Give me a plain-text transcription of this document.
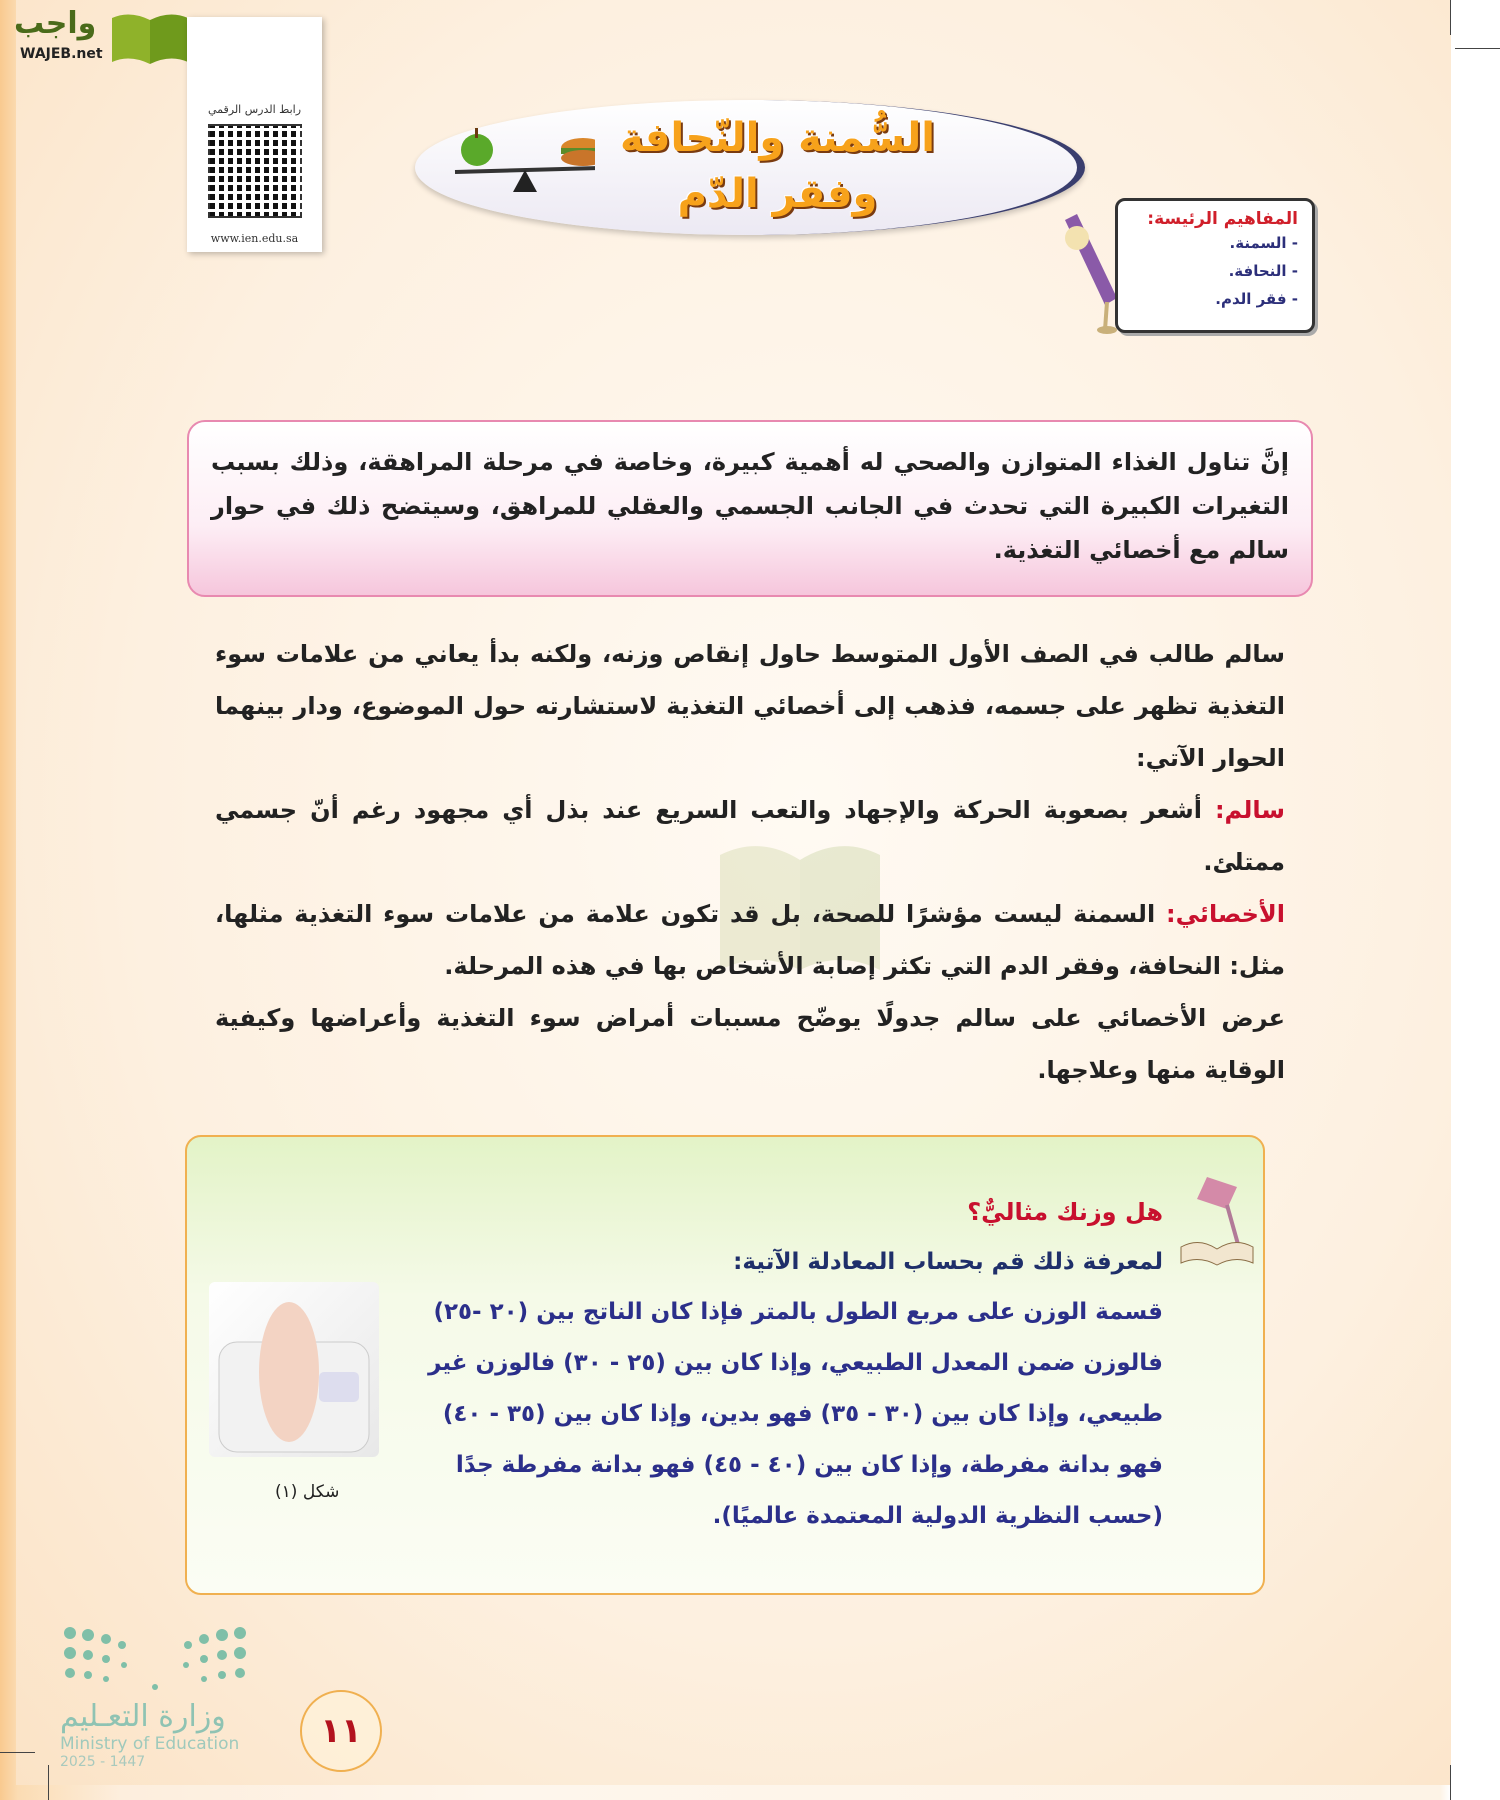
واجب
WAJEB.net
رابط الدرس الرقمي
www.ien.edu.sa
السُّمنة والنّحافة
وفقر الدّم
المفاهيم الرئيسة:
- السمنة.
- النحافة.
- فقر الدم.

إنَّ تناول الغذاء المتوازن والصحي له أهمية كبيرة، وخاصة في مرحلة المراهقة، وذلك بسبب التغيرات الكبيرة التي تحدث في الجانب الجسمي والعقلي للمراهق، وسيتضح ذلك في حوار سالم مع أخصائي التغذية.

سالم طالب في الصف الأول المتوسط حاول إنقاص وزنه، ولكنه بدأ يعاني من علامات سوء التغذية تظهر على جسمه، فذهب إلى أخصائي التغذية لاستشارته حول الموضوع، ودار بينهما الحوار الآتي:

سالم: أشعر بصعوبة الحركة والإجهاد والتعب السريع عند بذل أي مجهود رغم أنّ جسمي ممتلئ.

الأخصائي: السمنة ليست مؤشرًا للصحة، بل قد تكون علامة من علامات سوء التغذية مثلها، مثل: النحافة، وفقر الدم التي تكثر إصابة الأشخاص بها في هذه المرحلة.

عرض الأخصائي على سالم جدولًا يوضّح مسببات أمراض سوء التغذية وأعراضها وكيفية الوقاية منها وعلاجها.

هل وزنك مثاليٌّ؟
لمعرفة ذلك قم بحساب المعادلة الآتية:
قسمة الوزن على مربع الطول بالمتر فإذا كان الناتج بين (٢٠ -٢٥) فالوزن ضمن المعدل الطبيعي، وإذا كان بين (٢٥ - ٣٠) فالوزن غير طبيعي، وإذا كان بين (٣٠ - ٣٥) فهو بدين، وإذا كان بين (٣٥ - ٤٠) فهو بدانة مفرطة، وإذا كان بين (٤٠ - ٤٥) فهو بدانة مفرطة جدًا (حسب النظرية الدولية المعتمدة عالميًا).
شكل (١)
وزارة التعـليم
Ministry of Education
2025 - 1447
١١
